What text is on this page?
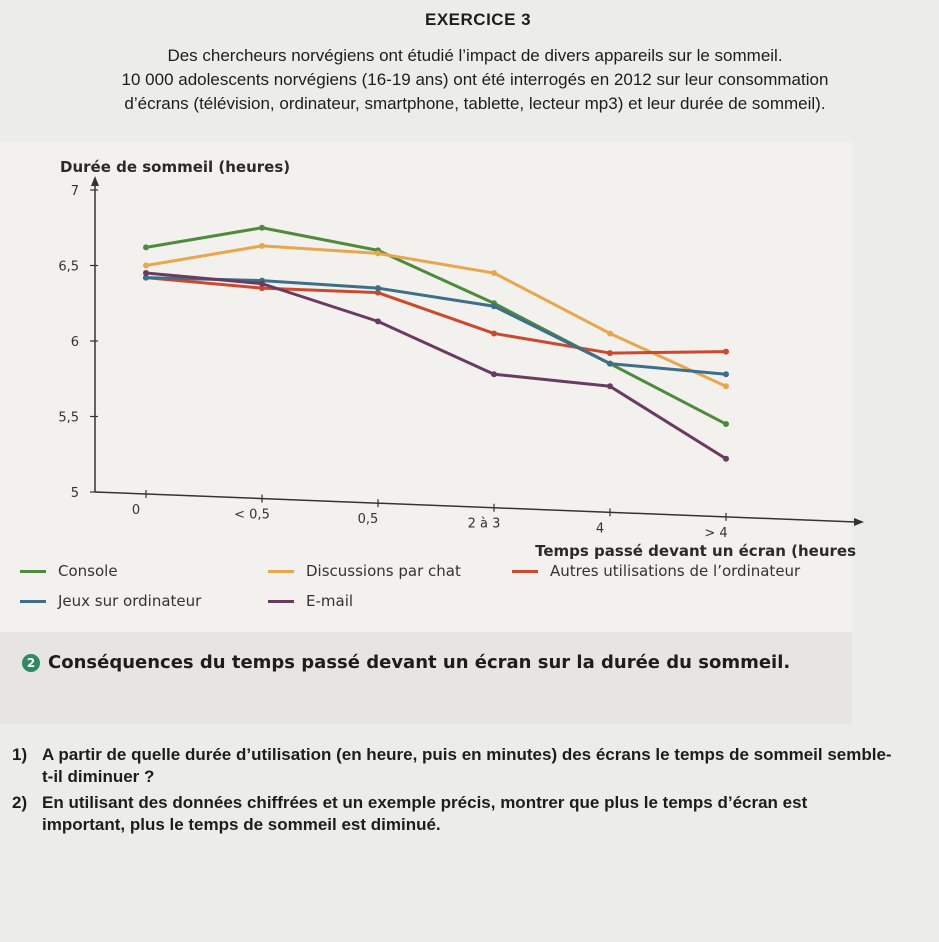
EXERCICE 3
Des chercheurs norvégiens ont étudié l’impact de divers appareils sur le sommeil.
10 000 adolescents norvégiens (16-19 ans) ont été interrogés en 2012 sur leur consommation
d’écrans (télévision, ordinateur, smartphone, tablette, lecteur mp3) et leur durée de sommeil).
Durée de sommeil (heures)
5
5,5
6
6,5
7
0	< 0,5	0,5	2 à 3	4	> 4
Temps passé devant un écran (heures
Console	Discussions par chat	Autres utilisations de l’ordinateur
Jeux sur ordinateur	E-mail
2 Conséquences du temps passé devant un écran sur la durée du sommeil.
1) A partir de quelle durée d’utilisation (en heure, puis en minutes) des écrans le temps de sommeil semble-t-il diminuer ?
2) En utilisant des données chiffrées et un exemple précis, montrer que plus le temps d’écran est important, plus le temps de sommeil est diminué.
